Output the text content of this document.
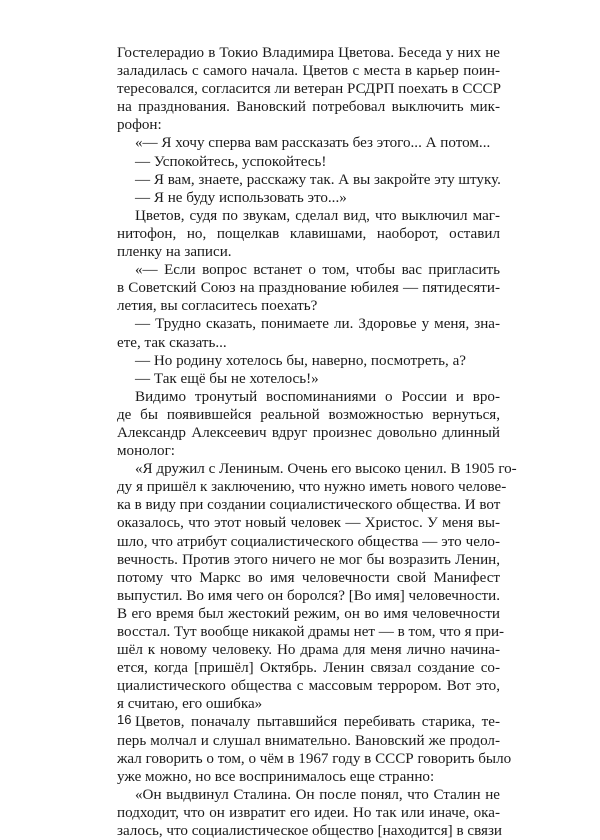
Гостелерадио в Токио Владимира Цветова. Беседа у них не
заладилась с самого начала. Цветов с места в карьер поин-
тересовался, согласится ли ветеран РСДРП поехать в СССР
на празднования. Вановский потребовал выключить мик-
рофон:
«— Я хочу сперва вам рассказать без этого... А потом...
— Успокойтесь, успокойтесь!
— Я вам, знаете, расскажу так. А вы закройте эту штуку.
— Я не буду использовать это...»
Цветов, судя по звукам, сделал вид, что выключил маг-
нитофон, но, пощелкав клавишами, наоборот, оставил
пленку на записи.
«— Если вопрос встанет о том, чтобы вас пригласить
в Советский Союз на празднование юбилея — пятидесяти-
летия, вы согласитесь поехать?
— Трудно сказать, понимаете ли. Здоровье у меня, зна-
ете, так сказать...
— Но родину хотелось бы, наверно, посмотреть, а?
— Так ещё бы не хотелось!»
Видимо тронутый воспоминаниями о России и вро-
де бы появившейся реальной возможностью вернуться,
Александр Алексеевич вдруг произнес довольно длинный
монолог:
«Я дружил с Лениным. Очень его высоко ценил. В 1905 го-
ду я пришёл к заключению, что нужно иметь нового челове-
ка в виду при создании социалистического общества. И вот
оказалось, что этот новый человек — Христос. У меня вы-
шло, что атрибут социалистического общества — это чело-
вечность. Против этого ничего не мог бы возразить Ленин,
потому что Маркс во имя человечности свой Манифест
выпустил. Во имя чего он боролся? [Во имя] человечности.
В его время был жестокий режим, он во имя человечности
восстал. Тут вообще никакой драмы нет — в том, что я при-
шёл к новому человеку. Но драма для меня лично начина-
ется, когда [пришёл] Октябрь. Ленин связал создание со-
циалистического общества с массовым террором. Вот это,
я считаю, его ошибка»
Цветов, поначалу пытавшийся перебивать старика, те-
перь молчал и слушал внимательно. Вановский же продол-
жал говорить о том, о чём в 1967 году в СССР говорить было
уже можно, но все воспринималось еще странно:
«Он выдвинул Сталина. Он после понял, что Сталин не
подходит, что он извратит его идеи. Но так или иначе, ока-
залось, что социалистическое общество [находится] в связи
16
